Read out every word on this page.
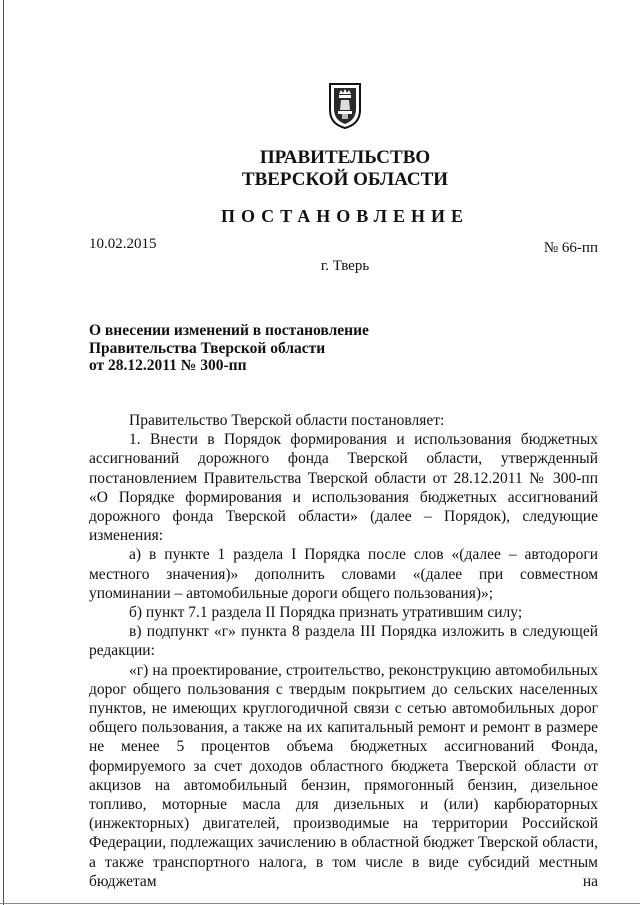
ПРАВИТЕЛЬСТВО
ТВЕРСКОЙ ОБЛАСТИ
ПОСТАНОВЛЕНИЕ
10.02.2015	№ 66-пп
г. Тверь
О внесении изменений в постановление
Правительства Тверской области
от 28.12.2011 № 300-пп

Правительство Тверской области постановляет:

1. Внести в Порядок формирования и использования бюджетных ассигнований дорожного фонда Тверской области, утвержденный постановлением Правительства Тверской области от 28.12.2011 № 300-пп «О Порядке формирования и использования бюджетных ассигнований дорожного фонда Тверской области» (далее – Порядок), следующие изменения:

а) в пункте 1 раздела I Порядка после слов «(далее – автодороги местного значения)» дополнить словами «(далее при совместном упоминании – автомобильные дороги общего пользования)»;

б) пункт 7.1 раздела II Порядка признать утратившим силу;

в) подпункт «г» пункта 8 раздела III Порядка изложить в следующей редакции:

«г) на проектирование, строительство, реконструкцию автомобильных дорог общего пользования с твердым покрытием до сельских населенных пунктов, не имеющих круглогодичной связи с сетью автомобильных дорог общего пользования, а также на их капитальный ремонт и ремонт в размере не менее 5 процентов объема бюджетных ассигнований Фонда, формируемого за счет доходов областного бюджета Тверской области от акцизов на автомобильный бензин, прямогонный бензин, дизельное топливо, моторные масла для дизельных и (или) карбюраторных (инжекторных) двигателей, производимые на территории Российской Федерации, подлежащих зачислению в областной бюджет Тверской области, а также транспортного налога, в том числе в виде субсидий местным бюджетам на
